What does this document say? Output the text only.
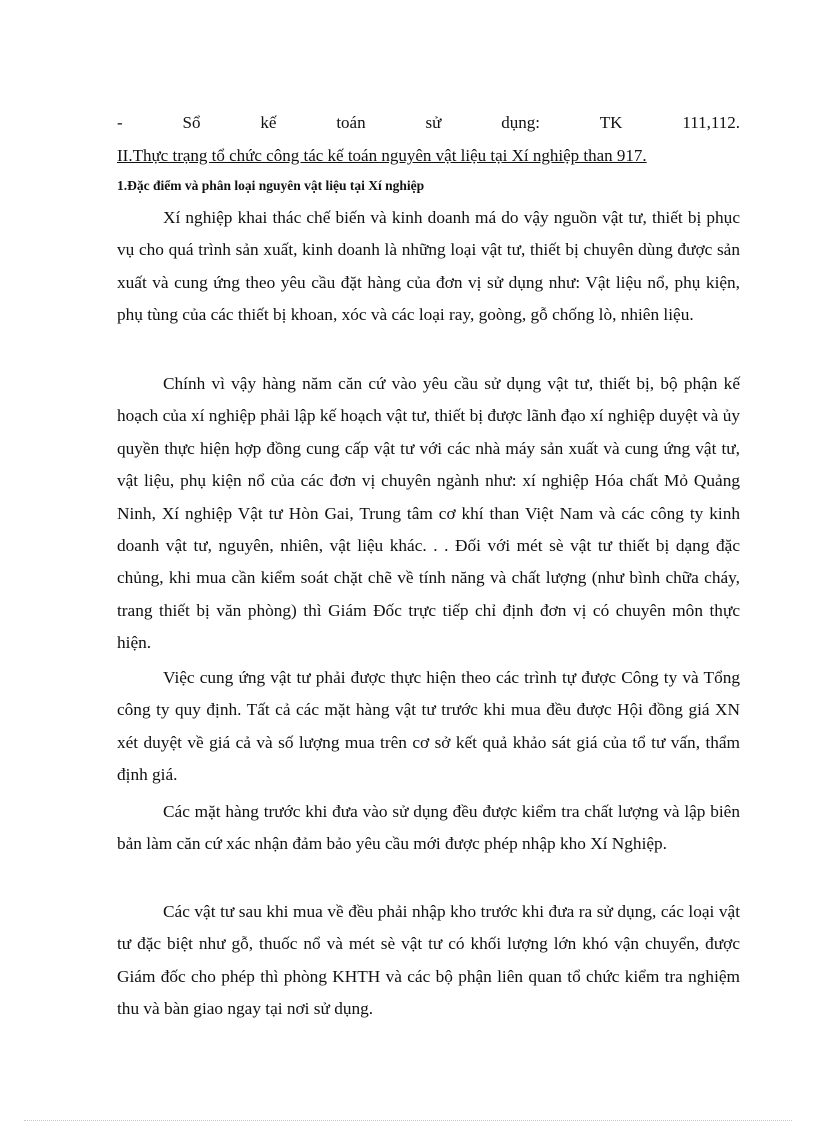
-	Sổ	kế	toán	sử	dụng:	TK	111,112.
II.Thực trạng tổ chức công tác kế toán nguyên vật liệu tại Xí nghiệp than 917.
1.Đặc điểm và phân loại nguyên vật liệu tại Xí nghiệp

Xí nghiệp khai thác chế biến và kinh doanh má do vậy nguồn vật tư, thiết bị phục vụ cho quá trình sản xuất, kinh doanh là những loại vật tư, thiết bị chuyên dùng được sản xuất và cung ứng theo yêu cầu đặt hàng của đơn vị sử dụng như: Vật liệu nổ, phụ kiện, phụ tùng của các thiết bị khoan, xóc và các loại ray, goòng, gỗ chống lò, nhiên liệu.

Chính vì vậy hàng năm căn cứ vào yêu cầu sử dụng vật tư, thiết bị, bộ phận kế hoạch của xí nghiệp phải lập kế hoạch vật tư, thiết bị được lãnh đạo xí nghiệp duyệt và ủy quyền thực hiện hợp đồng cung cấp vật tư với các nhà máy sản xuất và cung ứng vật tư, vật liệu, phụ kiện nổ của các đơn vị chuyên ngành như: xí nghiệp Hóa chất Mỏ Quảng Ninh, Xí nghiệp Vật tư Hòn Gai, Trung tâm cơ khí than Việt Nam và các công ty kinh doanh vật tư, nguyên, nhiên, vật liệu khác. . . Đối với mét sè vật tư thiết bị dạng đặc chủng, khi mua cần kiểm soát chặt chẽ về tính năng và chất lượng (như bình chữa cháy, trang thiết bị văn phòng) thì Giám Đốc trực tiếp chỉ định đơn vị có chuyên môn thực hiện.

Việc cung ứng vật tư phải được thực hiện theo các trình tự được Công ty và Tổng công ty quy định. Tất cả các mặt hàng vật tư trước khi mua đều được Hội đồng giá XN xét duyệt về giá cả và số lượng mua trên cơ sở kết quả khảo sát giá của tổ tư vấn, thẩm định giá.

Các mặt hàng trước khi đưa vào sử dụng đều được kiểm tra chất lượng và lập biên bản làm căn cứ xác nhận đảm bảo yêu cầu mới được phép nhập kho Xí Nghiệp.

Các vật tư sau khi mua về đều phải nhập kho trước khi đưa ra sử dụng, các loại vật tư đặc biệt như gỗ, thuốc nổ và mét sè vật tư có khối lượng lớn khó vận chuyển, được Giám đốc cho phép thì phòng KHTH và các bộ phận liên quan tổ chức kiểm tra nghiệm thu và bàn giao ngay tại nơi sử dụng.
